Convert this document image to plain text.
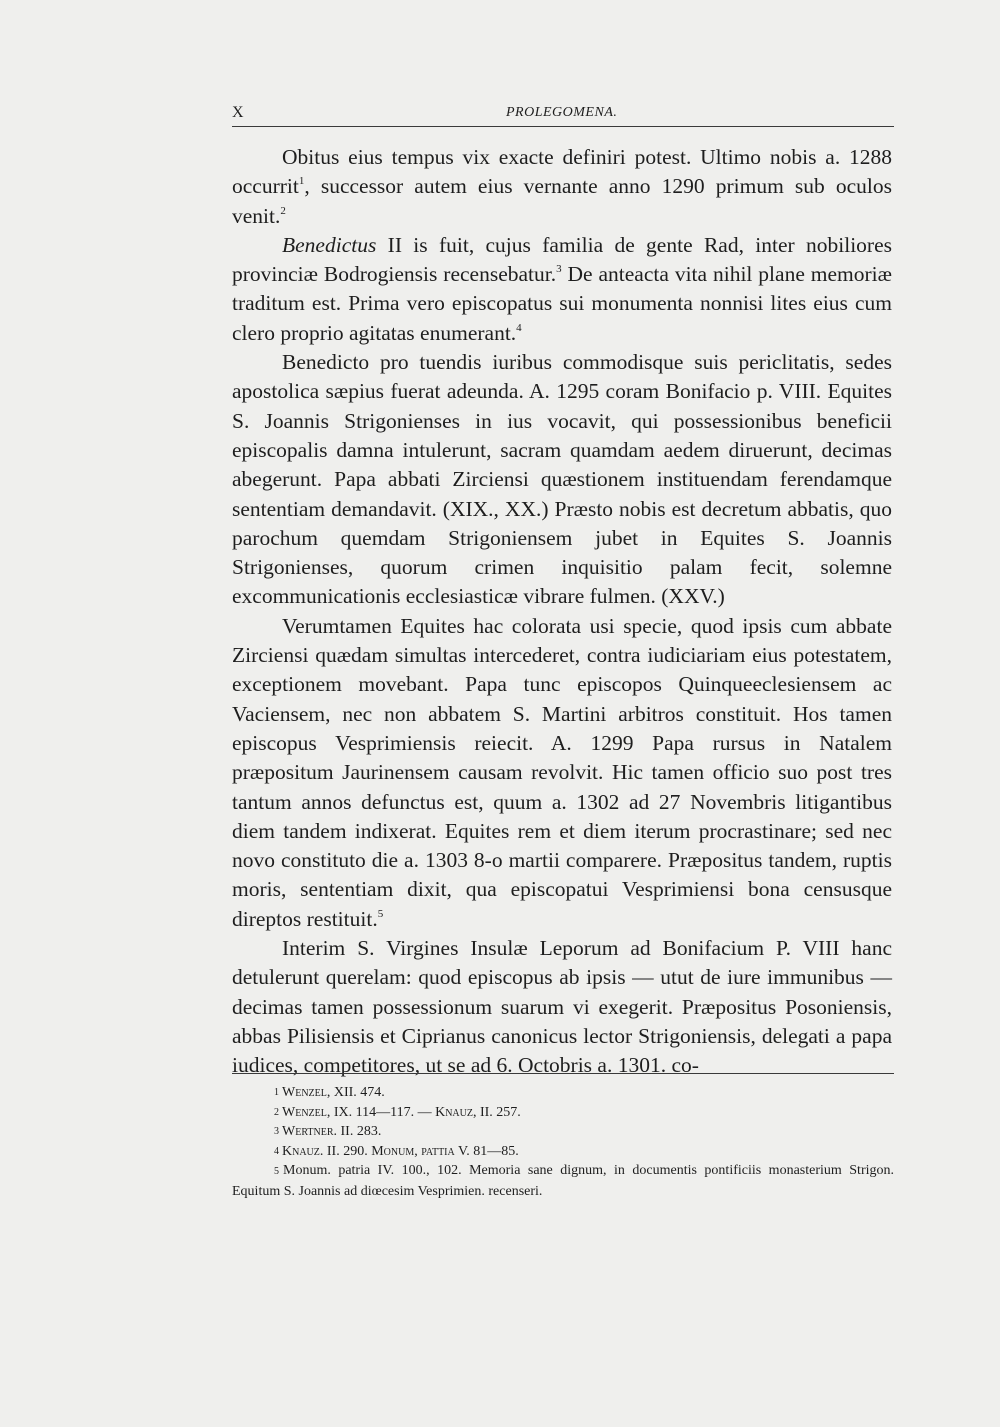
X	PROLEGOMENA.

Obitus eius tempus vix exacte definiri potest. Ultimo nobis a. 1288 occurrit$^1$, successor autem eius vernante anno 1290 primum sub oculos venit.$^2$

Benedictus II is fuit, cujus familia de gente Rad, inter nobiliores provinciæ Bodrogiensis recensebatur.$^3$ De anteacta vita nihil plane memoriæ traditum est. Prima vero episcopatus sui monumenta nonnisi lites eius cum clero proprio agitatas enumerant.$^4$

Benedicto pro tuendis iuribus commodisque suis periclitatis, sedes apostolica sæpius fuerat adeunda. A. 1295 coram Bonifacio p. VIII. Equites S. Joannis Strigonienses in ius vocavit, qui possessionibus beneficii episcopalis damna intulerunt, sacram quamdam aedem diruerunt, decimas abegerunt. Papa abbati Zirciensi quæstionem instituendam ferendamque sententiam demandavit. (XIX., XX.) Præsto nobis est decretum abbatis, quo parochum quemdam Strigoniensem jubet in Equites S. Joannis Strigonienses, quorum crimen inquisitio palam fecit, solemne excommunicationis ecclesiasticæ vibrare fulmen. (XXV.)

Verumtamen Equites hac colorata usi specie, quod ipsis cum abbate Zirciensi quædam simultas intercederet, contra iudiciariam eius potestatem, exceptionem movebant. Papa tunc episcopos Quinqueeclesiensem ac Vaciensem, nec non abbatem S. Martini arbitros constituit. Hos tamen episcopus Vesprimiensis reiecit. A. 1299 Papa rursus in Natalem præpositum Jaurinensem causam revolvit. Hic tamen officio suo post tres tantum annos defunctus est, quum a. 1302 ad 27 Novembris litigantibus diem tandem indixerat. Equites rem et diem iterum procrastinare; sed nec novo constituto die a. 1303 8-o martii comparere. Præpositus tandem, ruptis moris, sententiam dixit, qua episcopatui Vesprimiensi bona censusque direptos restituit.$^5$

Interim S. Virgines Insulæ Leporum ad Bonifacium P. VIII hanc detulerunt querelam: quod episcopus ab ipsis — utut de iure immunibus — decimas tamen possessionum suarum vi exegerit. Præpositus Posoniensis, abbas Pilisiensis et Ciprianus canonicus lector Strigoniensis, delegati a papa iudices, competitores, ut se ad 6. Octobris a. 1301. co-

1 Wenzel, XII. 474.

2 Wenzel, IX. 114—117. — Knauz, II. 257.

3 Wertner. II. 283.

4 Knauz. II. 290. Monum, pattia V. 81—85.

5 Monum. patria IV. 100., 102. Memoria sane dignum, in documentis pontificiis monasterium Strigon. Equitum S. Joannis ad diœcesim Vesprimien. recenseri.
